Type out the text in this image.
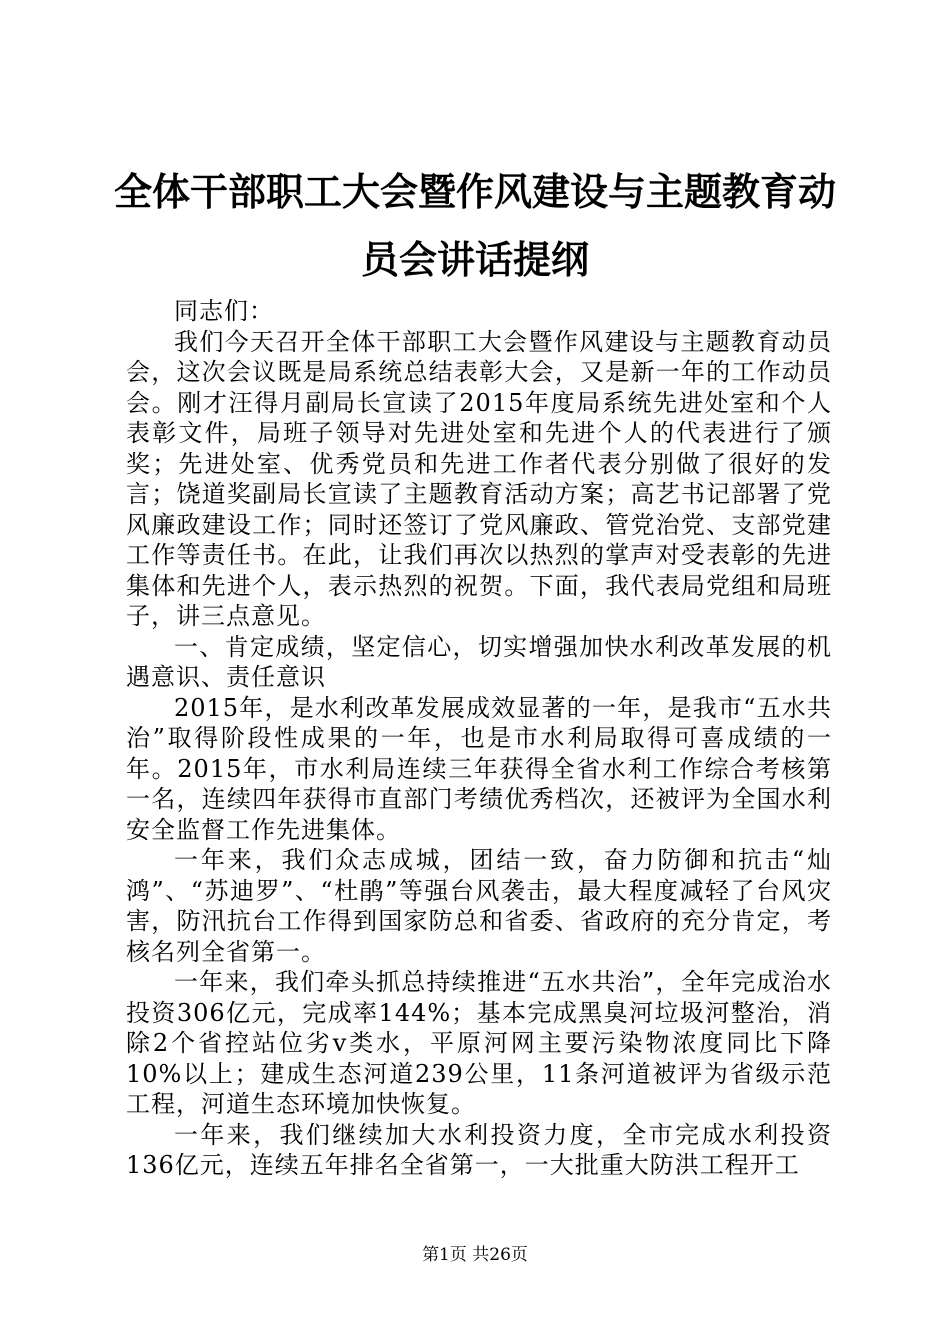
全体干部职工大会暨作风建设与主题教育动员会讲话提纲

同志们：

我们今天召开全体干部职工大会暨作风建设与主题教育动员会，这次会议既是局系统总结表彰大会，又是新一年的工作动员会。刚才汪得月副局长宣读了2015年度局系统先进处室和个人表彰文件，局班子领导对先进处室和先进个人的代表进行了颁奖；先进处室、优秀党员和先进工作者代表分别做了很好的发言；饶道奖副局长宣读了主题教育活动方案；高艺书记部署了党风廉政建设工作；同时还签订了党风廉政、管党治党、支部党建工作等责任书。在此，让我们再次以热烈的掌声对受表彰的先进集体和先进个人，表示热烈的祝贺。下面，我代表局党组和局班子，讲三点意见。

一、肯定成绩，坚定信心，切实增强加快水利改革发展的机遇意识、责任意识

2015年，是水利改革发展成效显著的一年，是我市“五水共治”取得阶段性成果的一年，也是市水利局取得可喜成绩的一年。2015年，市水利局连续三年获得全省水利工作综合考核第一名，连续四年获得市直部门考绩优秀档次，还被评为全国水利安全监督工作先进集体。

一年来，我们众志成城，团结一致，奋力防御和抗击“灿鸿”、“苏迪罗”、“杜鹃”等强台风袭击，最大程度减轻了台风灾害，防汛抗台工作得到国家防总和省委、省政府的充分肯定，考核名列全省第一。

一年来，我们牵头抓总持续推进“五水共治”，全年完成治水投资306亿元，完成率144%；基本完成黑臭河垃圾河整治，消除2个省控站位劣ⅴ类水，平原河网主要污染物浓度同比下降10%以上；建成生态河道239公里，11条河道被评为省级示范工程，河道生态环境加快恢复。

一年来，我们继续加大水利投资力度，全市完成水利投资136亿元，连续五年排名全省第一，一大批重大防洪工程开工

第1页 共26页
